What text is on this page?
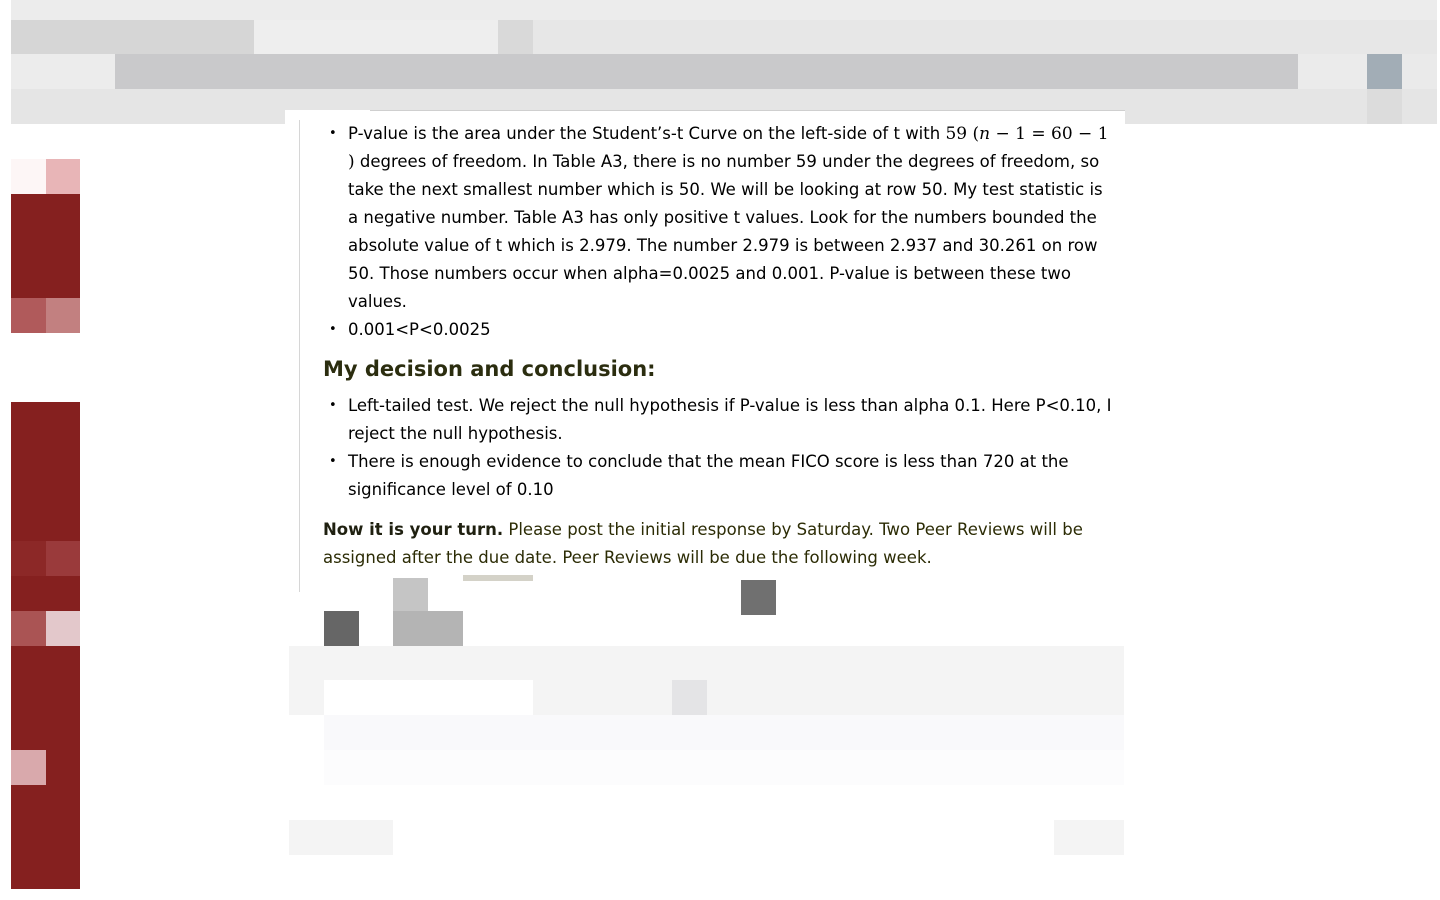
• P-value is the area under the Student’s-t Curve on the left-side of t with 59 (n − 1 = 60 − 1
) degrees of freedom. In Table A3, there is no number 59 under the degrees of freedom, so take the next smallest number which is 50. We will be looking at row 50. My test statistic is a negative number. Table A3 has only positive t values. Look for the numbers bounded the absolute value of t which is 2.979. The number 2.979 is between 2.937 and 30.261 on row 50. Those numbers occur when alpha=0.0025 and 0.001. P-value is between these two values.
• 0.001<P<0.0025
My decision and conclusion:
• Left-tailed test. We reject the null hypothesis if P-value is less than alpha 0.1. Here P<0.10, I reject the null hypothesis.
• There is enough evidence to conclude that the mean FICO score is less than 720 at the significance level of 0.10

Now it is your turn. Please post the initial response by Saturday. Two Peer Reviews will be assigned after the due date. Peer Reviews will be due the following week.
